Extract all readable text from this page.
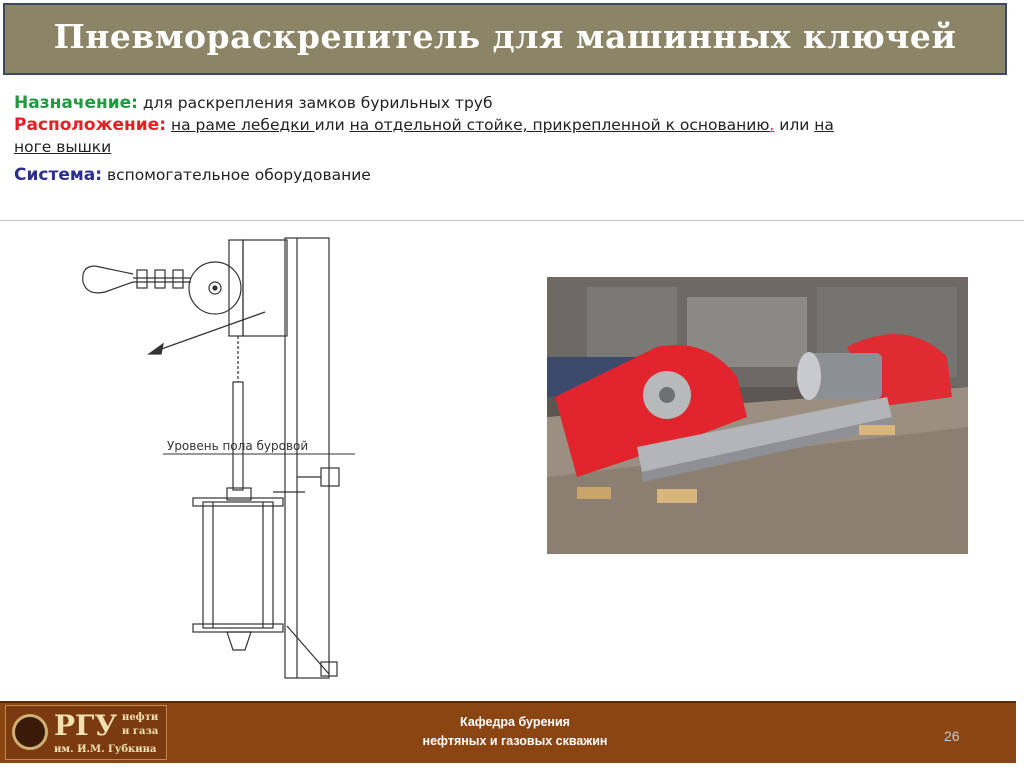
Пневмораскрепитель для машинных ключей

Назначение: для раскрепления замков бурильных труб

Расположение: на раме лебедки или на отдельной стойке, прикрепленной к основанию. или на
ноге вышки

Система: вспомогательное оборудование

Уровень пола буровой
РГУ нефти
и газа
им. И.М. Губкина
Кафедра бурения
нефтяных и газовых скважин	26
